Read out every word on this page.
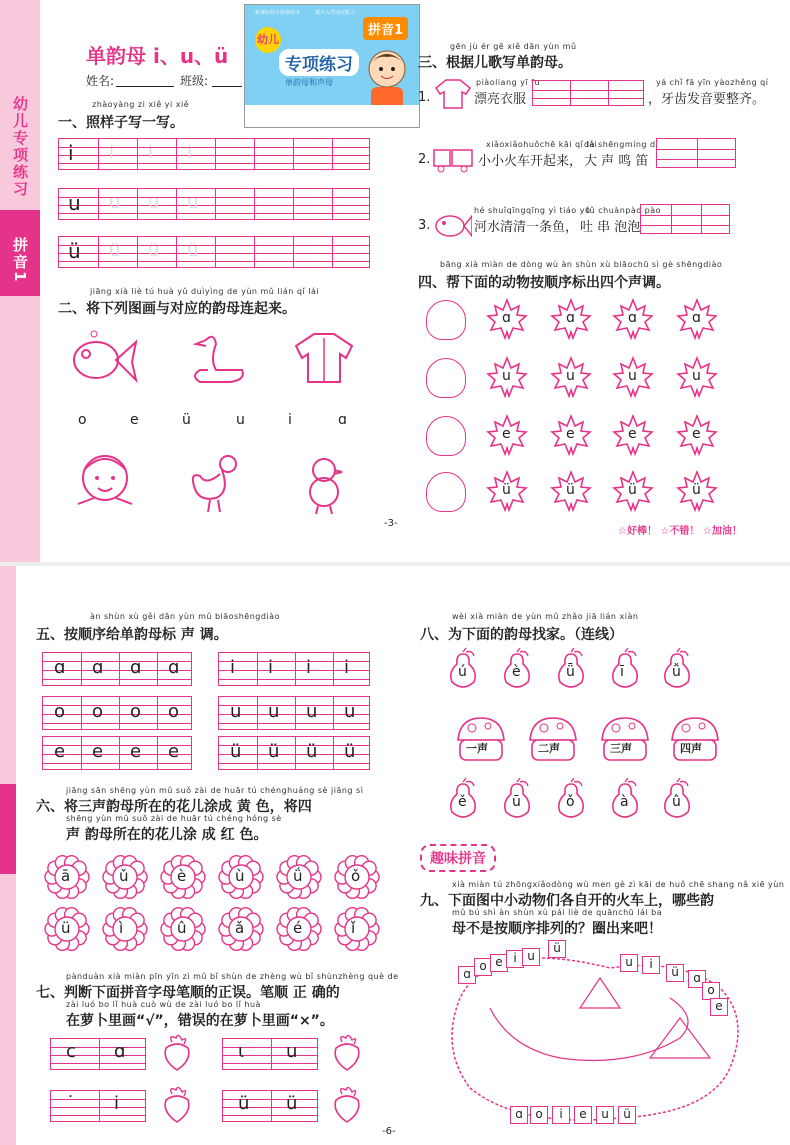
幼儿专项练习
拼音1
单韵母 i、u、ü
姓名:	班级:
幼儿
专项练习
拼音1
单韵母和声母
新课标幼小衔接用书	提升入学适应能力
zhàoyàng zi xiě yi xiě
一、照样子写一写。
i i i i
u u u u
ü ü ü ü
jiāng xià liè tú huà yǔ duìyìng de yùn mǔ lián qǐ lái
二、将下列图画与对应的韵母连起来。
o	e	ü	u	i	ɑ
gēn jù ér gē xiě dān yùn mǔ
三、根据儿歌写单韵母。
1.
piàoliang yī fu
漂亮衣服
yá chǐ fā yīn yàozhěng qí
，牙齿发音要整齐。
2.
xiǎoxiǎohuǒchē kāi qǐ lái
小小火车开起来，
dà shēngmíng dí
大 声 鸣 笛
3.
hé shuǐqīngqīng yì tiáo yú
河水清清一条鱼，
tǔ chuànpào pào
吐 串 泡泡
bāng xià miàn de dòng wù àn shùn xù biāochū sì gè shēngdiào
四、帮下面的动物按顺序标出四个声调。
ɑ	ɑ	ɑ	ɑ
u	u	u	u
e	e	e	e
ü	ü	ü	ü
☆好棒！ ☆不错！ ☆加油！
-3-
àn shùn xù gěi dān yùn mǔ biāoshēngdiào
五、按顺序给单韵母标 声 调。
ɑ ɑ ɑ ɑ
o o o o
e e e e
i i i i
u u u u
ü ü ü ü
jiāng sān shēng yùn mǔ suǒ zài de huār tú chénghuáng sè jiāng sì
六、将三声韵母所在的花儿涂成 黄 色，将四
shēng yùn mǔ suǒ zài de huār tú chéng hóng sè
声 韵母所在的花儿涂 成 红 色。
ā	ǔ	è	ù	ǘ	ǒ
ü	ì	û	ǎ	é	ǐ
pànduàn xià miàn pīn yīn zì mǔ bǐ shùn de zhèng wù bǐ shùnzhèng què de
七、判断下面拼音字母笔顺的正误。笔顺 正 确的
zài luó bo lǐ huà cuò wù de zài luó bo lǐ huà
在萝卜里画“√”，错误的在萝卜里画“×”。
c ɑ	ι u
˙ i	ü ü
wèi xià miàn de yùn mǔ zhǎo jiā lián xiàn
八、为下面的韵母找家。（连线）
ú	è	ǖ	ī	ǚ
ě	ū	ǒ	à	û
一声	二声	三声	四声
趣味拼音
xià miàn tú zhōngxiǎodòng wù men gè zì kāi de huǒ chē shang nǎ xiē yùn
九、下面图中小动物们各自开的火车上，哪些韵
mǔ bú shì àn shùn xù pái liè de quānchū lái ba
母不是按顺序排列的？圈出来吧！
ɑ
o e i u
ü
u	i
ü	ɑ
o
e
ɑ	o	i	e	u	ü
-6-
